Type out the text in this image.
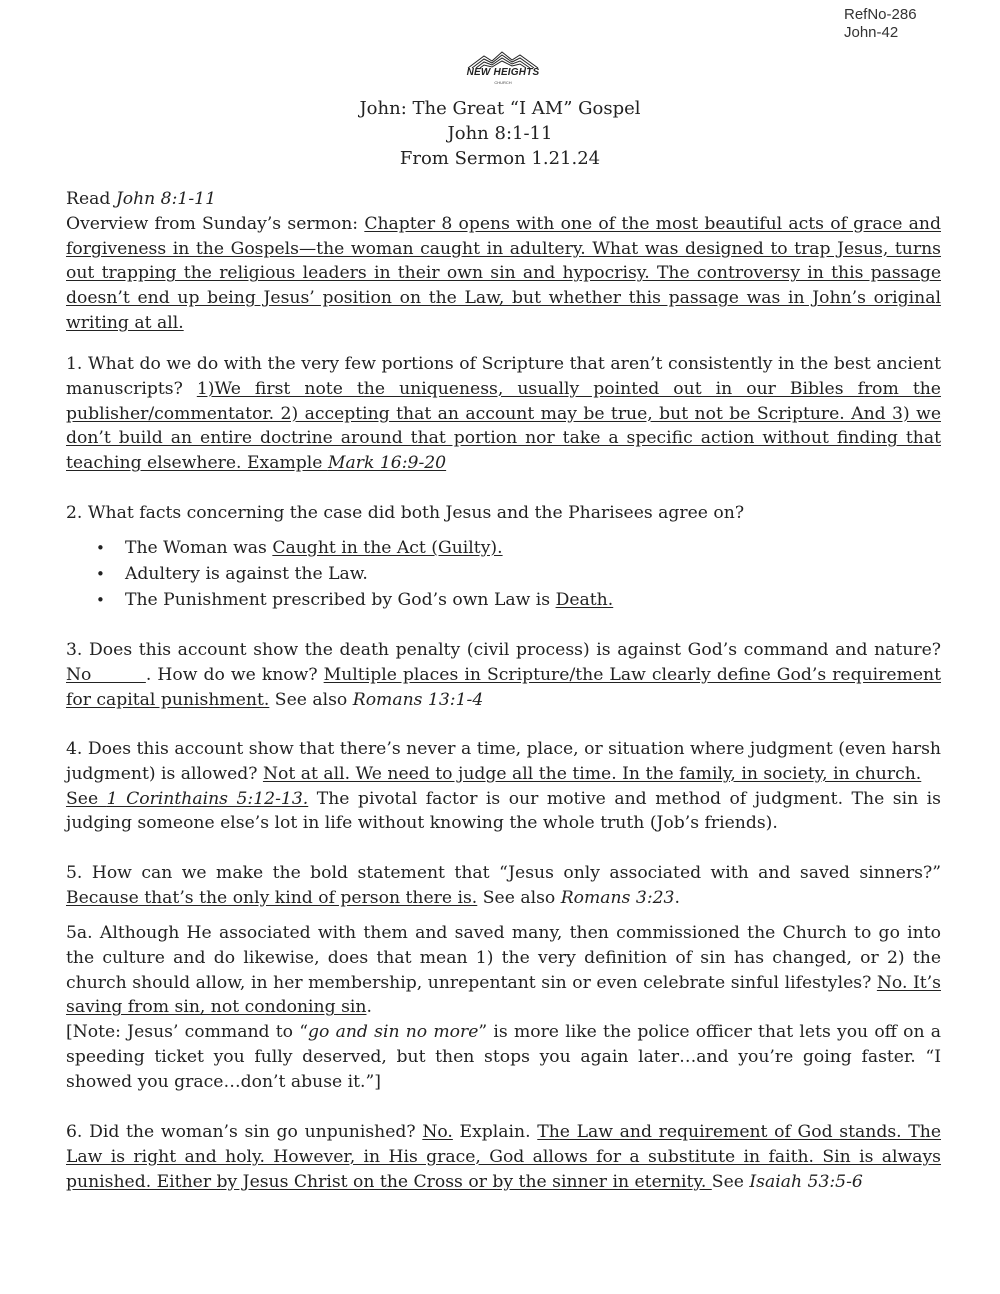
RefNo-286
John-42
NEW HEIGHTS
CHURCH
John: The Great “I AM” Gospel
John 8:1-11
From Sermon 1.21.24

Read John 8:1-11

Overview from Sunday’s sermon: Chapter 8 opens with one of the most beautiful acts of grace and forgiveness in the Gospels—the woman caught in adultery. What was designed to trap Jesus, turns out trapping the religious leaders in their own sin and hypocrisy. The controversy in this passage doesn’t end up being Jesus’ position on the Law, but whether this passage was in John’s original writing at all.

1. What do we do with the very few portions of Scripture that aren’t consistently in the best ancient manuscripts? 1)We first note the uniqueness, usually pointed out in our Bibles from the publisher/commentator. 2) accepting that an account may be true, but not be Scripture. And 3) we don’t build an entire doctrine around that portion nor take a specific action without finding that teaching elsewhere. Example Mark 16:9-20

2. What facts concerning the case did both Jesus and the Pharisees agree on?

• The Woman was Caught in the Act (Guilty).
• Adultery is against the Law.
• The Punishment prescribed by God’s own Law is Death.

3. Does this account show the death penalty (civil process) is against God’s command and nature? No         . How do we know? Multiple places in Scripture/the Law clearly define God’s requirement for capital punishment. See also Romans 13:1-4

4. Does this account show that there’s never a time, place, or situation where judgment (even harsh judgment) is allowed? Not at all. We need to judge all the time. In the family, in society, in church.
See 1 Corinthains 5:12-13. The pivotal factor is our motive and method of judgment. The sin is judging someone else’s lot in life without knowing the whole truth (Job’s friends).

5. How can we make the bold statement that “Jesus only associated with and saved sinners?” Because that’s the only kind of person there is. See also Romans 3:23.

5a. Although He associated with them and saved many, then commissioned the Church to go into the culture and do likewise, does that mean 1) the very definition of sin has changed, or 2) the church should allow, in her membership, unrepentant sin or even celebrate sinful lifestyles? No. It’s saving from sin, not condoning sin.

[Note: Jesus’ command to “go and sin no more” is more like the police officer that lets you off on a speeding ticket you fully deserved, but then stops you again later…and you’re going faster. “I showed you grace…don’t abuse it.”]

6. Did the woman’s sin go unpunished? No. Explain. The Law and requirement of God stands. The Law is right and holy. However, in His grace, God allows for a substitute in faith. Sin is always punished. Either by Jesus Christ on the Cross or by the sinner in eternity. See Isaiah 53:5-6
